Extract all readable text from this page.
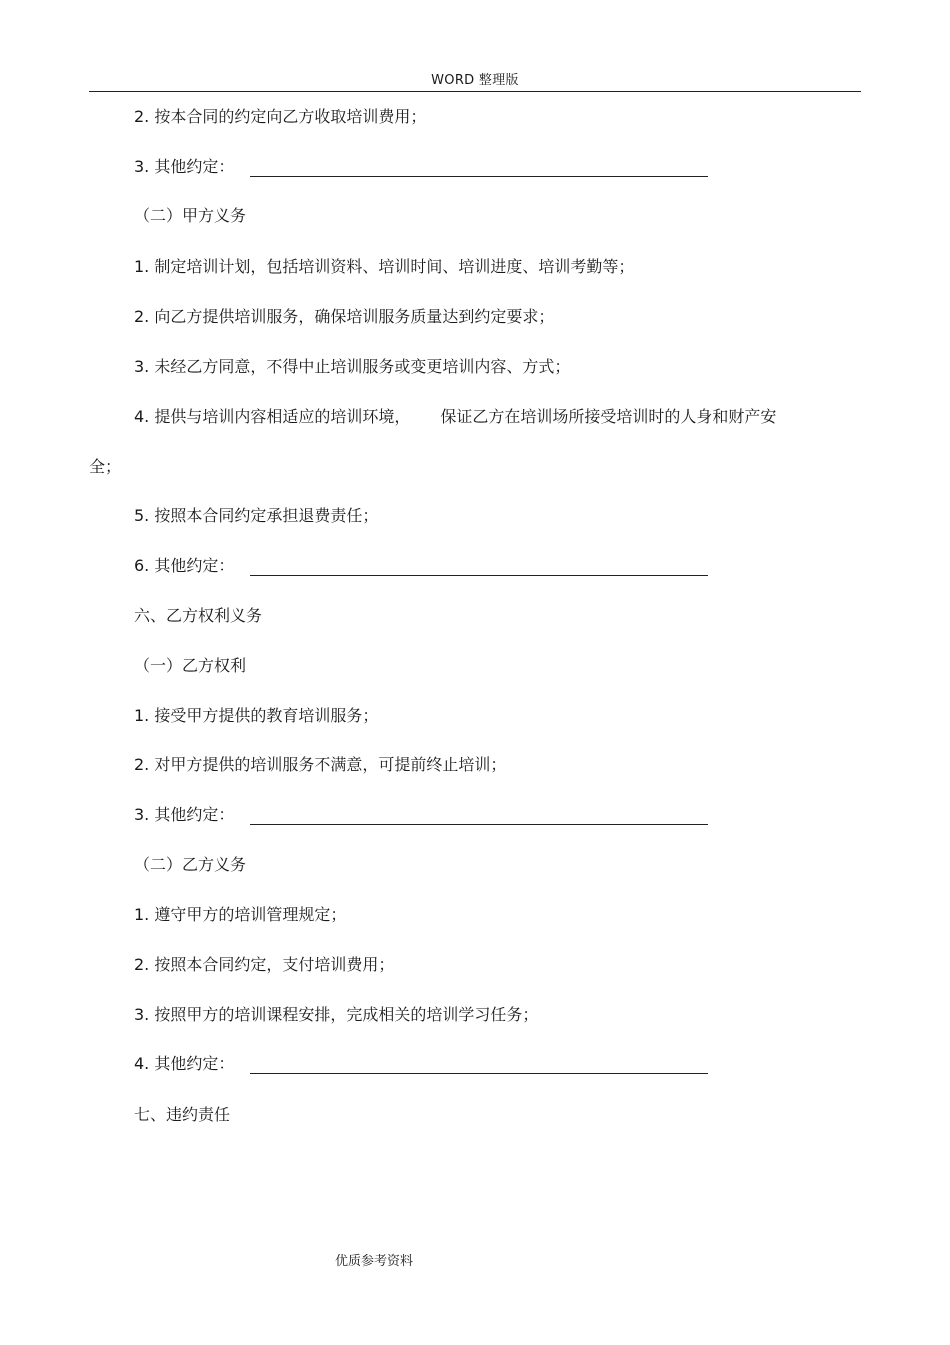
WORD 整理版
2. 按本合同的约定向乙方收取培训费用；
3. 其他约定：
（二）甲方义务
1. 制定培训计划，包括培训资料、培训时间、培训进度、培训考勤等；
2. 向乙方提供培训服务，确保培训服务质量达到约定要求；
3. 未经乙方同意，不得中止培训服务或变更培训内容、方式；
4. 提供与培训内容相适应的培训环境， 保证乙方在培训场所接受培训时的人身和财产安
全；
5. 按照本合同约定承担退费责任；
6. 其他约定：
六、乙方权利义务
（一）乙方权利
1. 接受甲方提供的教育培训服务；
2. 对甲方提供的培训服务不满意，可提前终止培训；
3. 其他约定：
（二）乙方义务
1. 遵守甲方的培训管理规定；
2. 按照本合同约定，支付培训费用；
3. 按照甲方的培训课程安排，完成相关的培训学习任务；
4. 其他约定：
七、违约责任
优质参考资料
